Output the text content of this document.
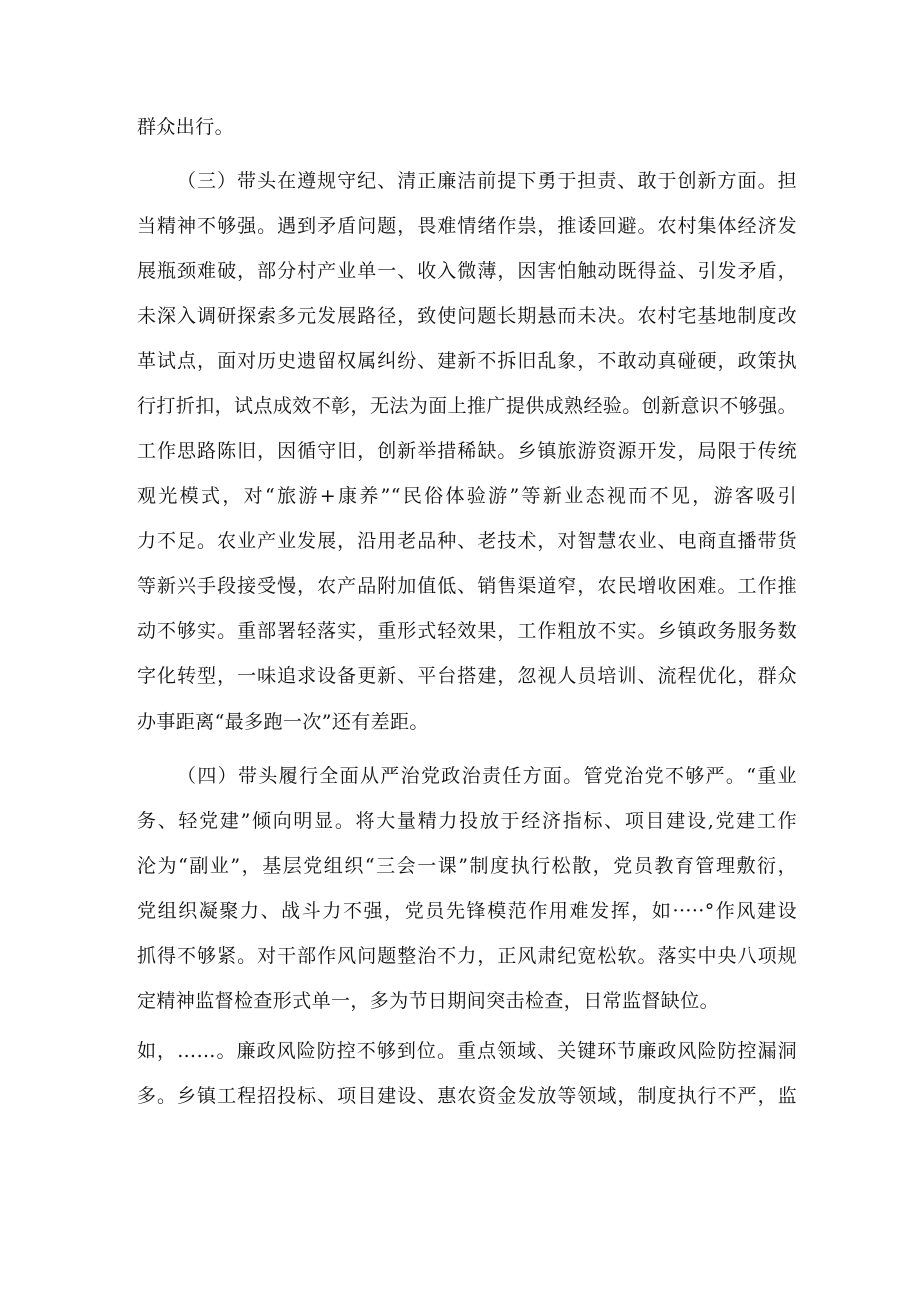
群众出行。
（三）带头在遵规守纪、清正廉洁前提下勇于担责、敢于创新方面。担
当精神不够强。遇到矛盾问题，畏难情绪作祟，推诿回避。农村集体经济发
展瓶颈难破，部分村产业单一、收入微薄，因害怕触动既得益、引发矛盾，
未深入调研探索多元发展路径，致使问题长期悬而未决。农村宅基地制度改
革试点，面对历史遗留权属纠纷、建新不拆旧乱象，不敢动真碰硬，政策执
行打折扣，试点成效不彰，无法为面上推广提供成熟经验。创新意识不够强。
工作思路陈旧，因循守旧，创新举措稀缺。乡镇旅游资源开发，局限于传统
观光模式，对“旅游+康养”“民俗体验游”等新业态视而不见，游客吸引
力不足。农业产业发展，沿用老品种、老技术，对智慧农业、电商直播带货
等新兴手段接受慢，农产品附加值低、销售渠道窄，农民增收困难。工作推
动不够实。重部署轻落实，重形式轻效果，工作粗放不实。乡镇政务服务数
字化转型，一味追求设备更新、平台搭建，忽视人员培训、流程优化，群众
办事距离“最多跑一次”还有差距。
（四）带头履行全面从严治党政治责任方面。管党治党不够严。“重业
务、轻党建”倾向明显。将大量精力投放于经济指标、项目建设,党建工作
沦为“副业”，基层党组织“三会一课”制度执行松散，党员教育管理敷衍，
党组织凝聚力、战斗力不强，党员先锋模范作用难发挥，如·····°作风建设
抓得不够紧。对干部作风问题整治不力，正风肃纪宽松软。落实中央八项规
定精神监督检查形式单一，多为节日期间突击检查，日常监督缺位。
如，……。廉政风险防控不够到位。重点领域、关键环节廉政风险防控漏洞
多。乡镇工程招投标、项目建设、惠农资金发放等领域，制度执行不严，监
